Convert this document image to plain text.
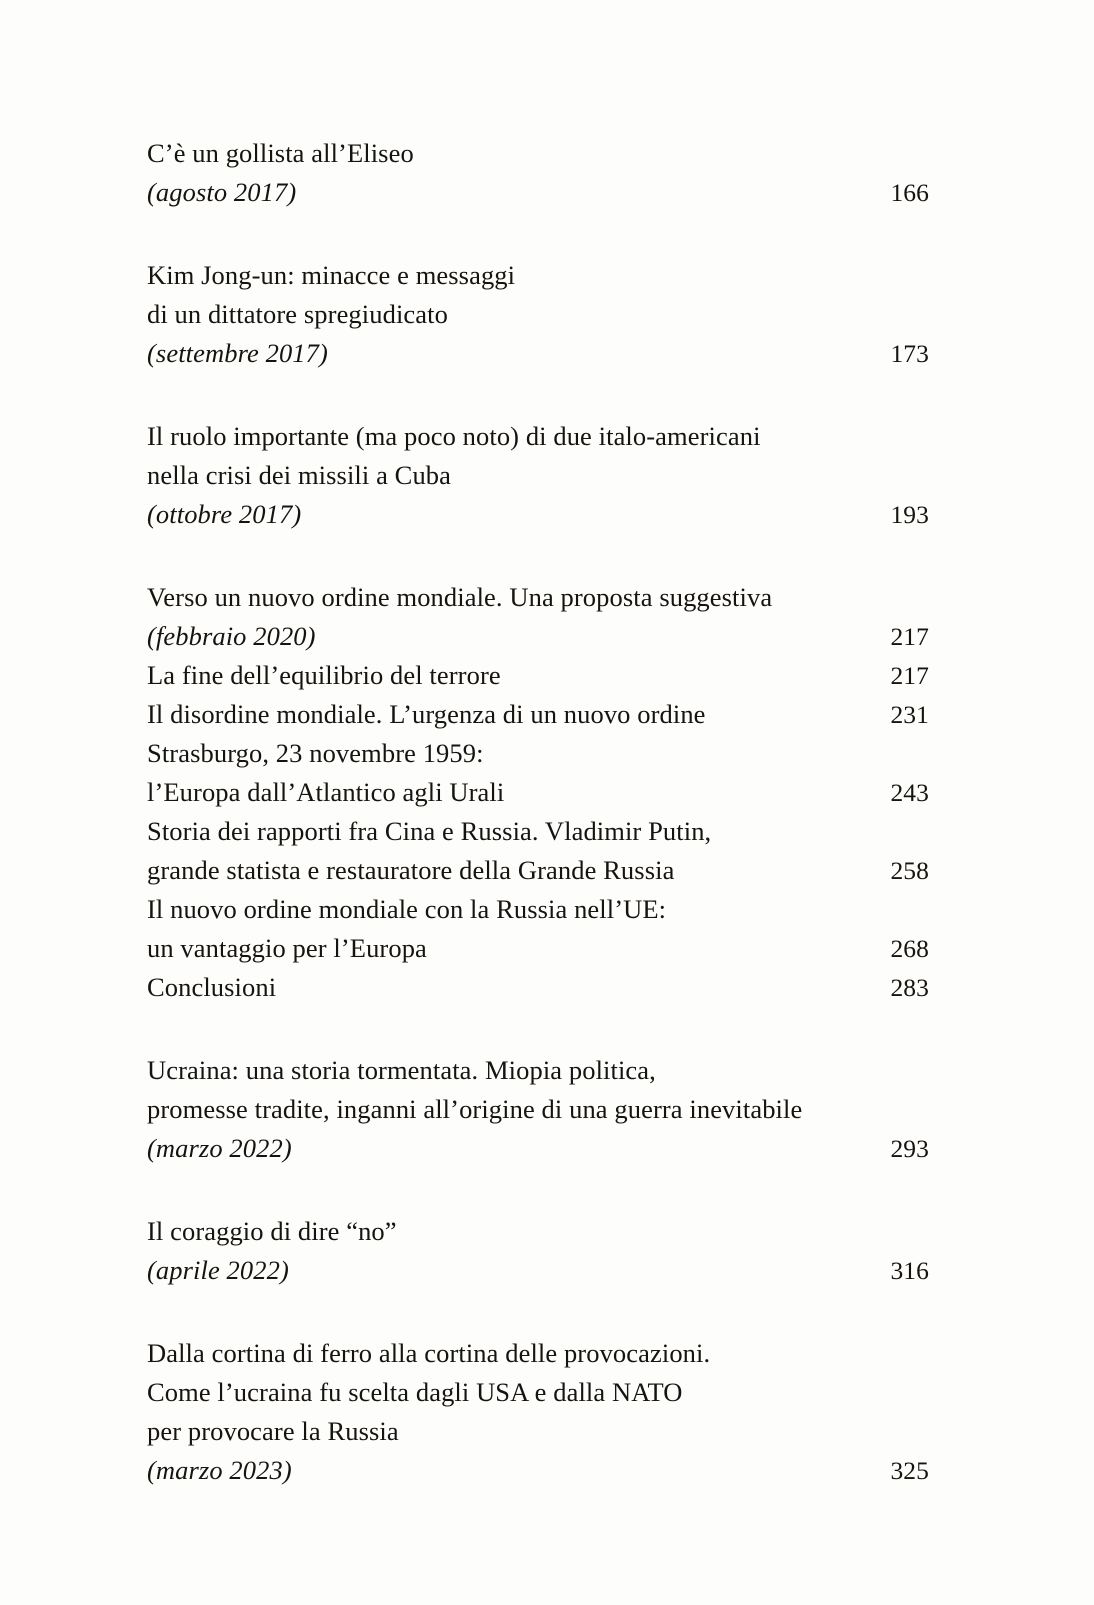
C’è un gollista all’Eliseo
(agosto 2017)	166
Kim Jong-un: minacce e messaggi
di un dittatore spregiudicato
(settembre 2017)	173
Il ruolo importante (ma poco noto) di due italo-americani
nella crisi dei missili a Cuba
(ottobre 2017)	193
Verso un nuovo ordine mondiale. Una proposta suggestiva
(febbraio 2020)	217
La fine dell’equilibrio del terrore	217
Il disordine mondiale. L’urgenza di un nuovo ordine	231
Strasburgo, 23 novembre 1959:
l’Europa dall’Atlantico agli Urali	243
Storia dei rapporti fra Cina e Russia. Vladimir Putin,
grande statista e restauratore della Grande Russia	258
Il nuovo ordine mondiale con la Russia nell’UE:
un vantaggio per l’Europa	268
Conclusioni	283
Ucraina: una storia tormentata. Miopia politica,
promesse tradite, inganni all’origine di una guerra inevitabile
(marzo 2022)	293
Il coraggio di dire “no”
(aprile 2022)	316
Dalla cortina di ferro alla cortina delle provocazioni.
Come l’ucraina fu scelta dagli USA e dalla NATO
per provocare la Russia
(marzo 2023)	325
